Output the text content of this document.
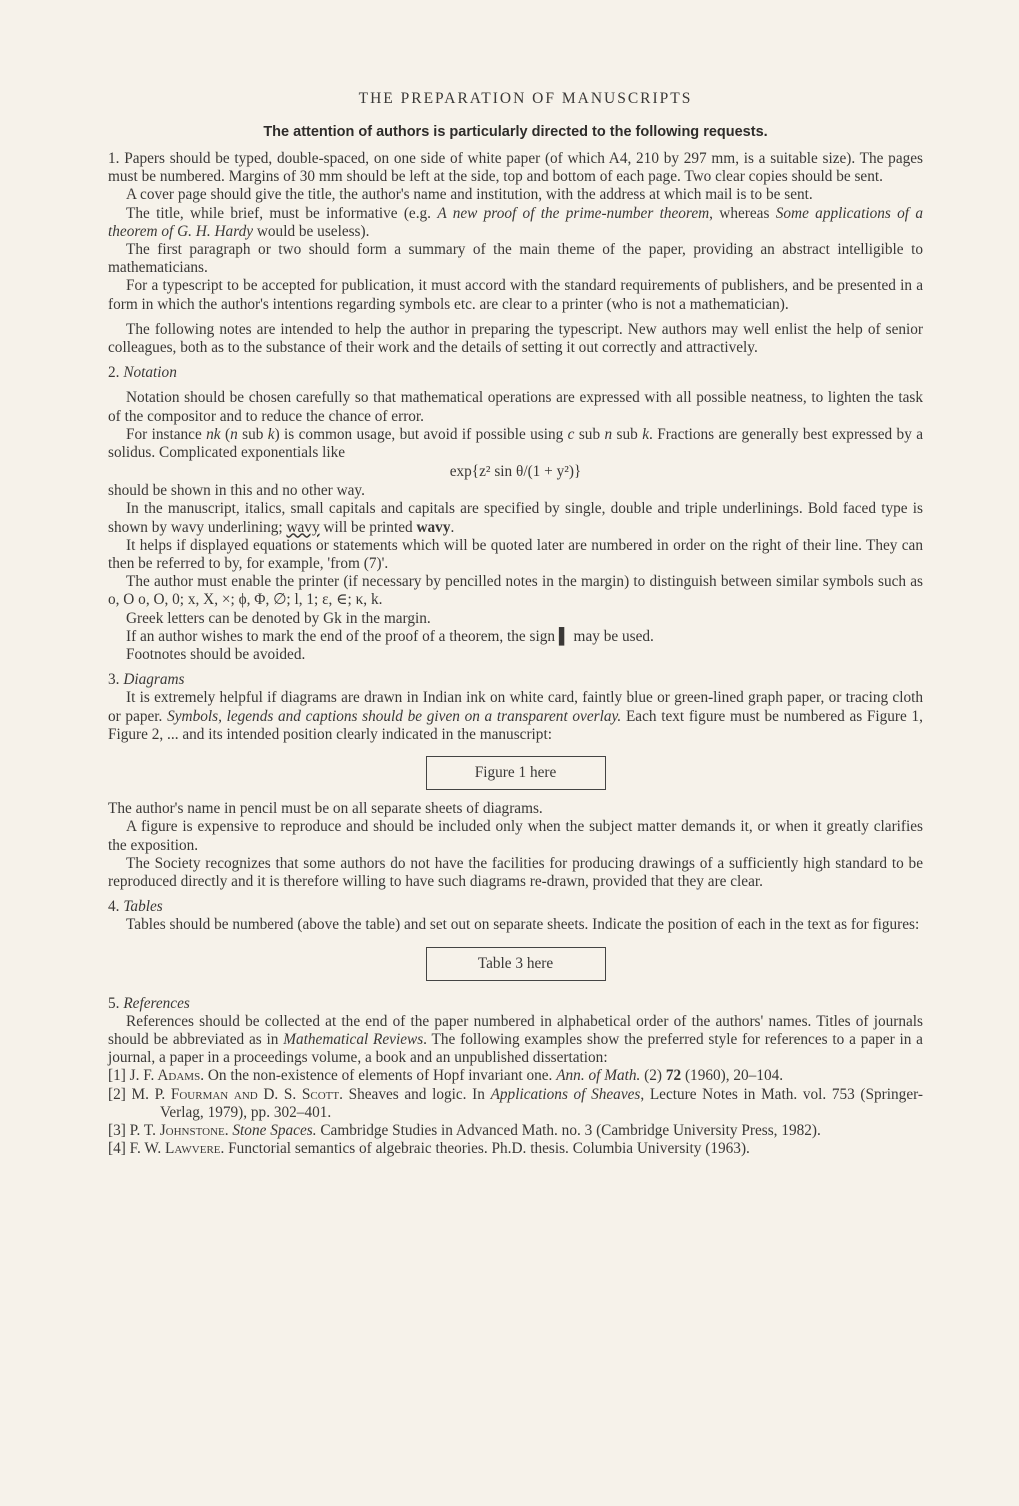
THE PREPARATION OF MANUSCRIPTS
The attention of authors is particularly directed to the following requests.

1. Papers should be typed, double-spaced, on one side of white paper (of which A4, 210 by 297 mm, is a suitable size). The pages must be numbered. Margins of 30 mm should be left at the side, top and bottom of each page. Two clear copies should be sent.

A cover page should give the title, the author's name and institution, with the address at which mail is to be sent.

The title, while brief, must be informative (e.g. A new proof of the prime-number theorem, whereas Some applications of a theorem of G. H. Hardy would be useless).

The first paragraph or two should form a summary of the main theme of the paper, providing an abstract intelligible to mathematicians.

For a typescript to be accepted for publication, it must accord with the standard requirements of publishers, and be presented in a form in which the author's intentions regarding symbols etc. are clear to a printer (who is not a mathematician).

The following notes are intended to help the author in preparing the typescript. New authors may well enlist the help of senior colleagues, both as to the substance of their work and the details of setting it out correctly and attractively.

2. Notation

Notation should be chosen carefully so that mathematical operations are expressed with all possible neatness, to lighten the task of the compositor and to reduce the chance of error.

For instance nk (n sub k) is common usage, but avoid if possible using c sub n sub k. Fractions are generally best expressed by a solidus. Complicated exponentials like

exp{z² sin θ/(1 + y²)}

should be shown in this and no other way.

In the manuscript, italics, small capitals and capitals are specified by single, double and triple underlinings. Bold faced type is shown by wavy underlining; wavy will be printed wavy.

It helps if displayed equations or statements which will be quoted later are numbered in order on the right of their line. They can then be referred to by, for example, 'from (7)'.

The author must enable the printer (if necessary by pencilled notes in the margin) to distinguish between similar symbols such as o, O o, O, 0; x, X, ×; ϕ, Φ, ∅; l, 1; ε, ∈; κ, k.

Greek letters can be denoted by Gk in the margin.

If an author wishes to mark the end of the proof of a theorem, the sign ▌ may be used.

Footnotes should be avoided.

3. Diagrams

It is extremely helpful if diagrams are drawn in Indian ink on white card, faintly blue or green-lined graph paper, or tracing cloth or paper. Symbols, legends and captions should be given on a transparent overlay. Each text figure must be numbered as Figure 1, Figure 2, ... and its intended position clearly indicated in the manuscript:

Figure 1 here

The author's name in pencil must be on all separate sheets of diagrams.

A figure is expensive to reproduce and should be included only when the subject matter demands it, or when it greatly clarifies the exposition.

The Society recognizes that some authors do not have the facilities for producing drawings of a sufficiently high standard to be reproduced directly and it is therefore willing to have such diagrams re-drawn, provided that they are clear.

4. Tables

Tables should be numbered (above the table) and set out on separate sheets. Indicate the position of each in the text as for figures:

Table 3 here

5. References

References should be collected at the end of the paper numbered in alphabetical order of the authors' names. Titles of journals should be abbreviated as in Mathematical Reviews. The following examples show the preferred style for references to a paper in a journal, a paper in a proceedings volume, a book and an unpublished dissertation:

[1] J. F. Adams. On the non-existence of elements of Hopf invariant one. Ann. of Math. (2) 72 (1960), 20–104.

[2] M. P. Fourman and D. S. Scott. Sheaves and logic. In Applications of Sheaves, Lecture Notes in Math. vol. 753 (Springer-Verlag, 1979), pp. 302–401.

[3] P. T. Johnstone. Stone Spaces. Cambridge Studies in Advanced Math. no. 3 (Cambridge University Press, 1982).

[4] F. W. Lawvere. Functorial semantics of algebraic theories. Ph.D. thesis. Columbia University (1963).
